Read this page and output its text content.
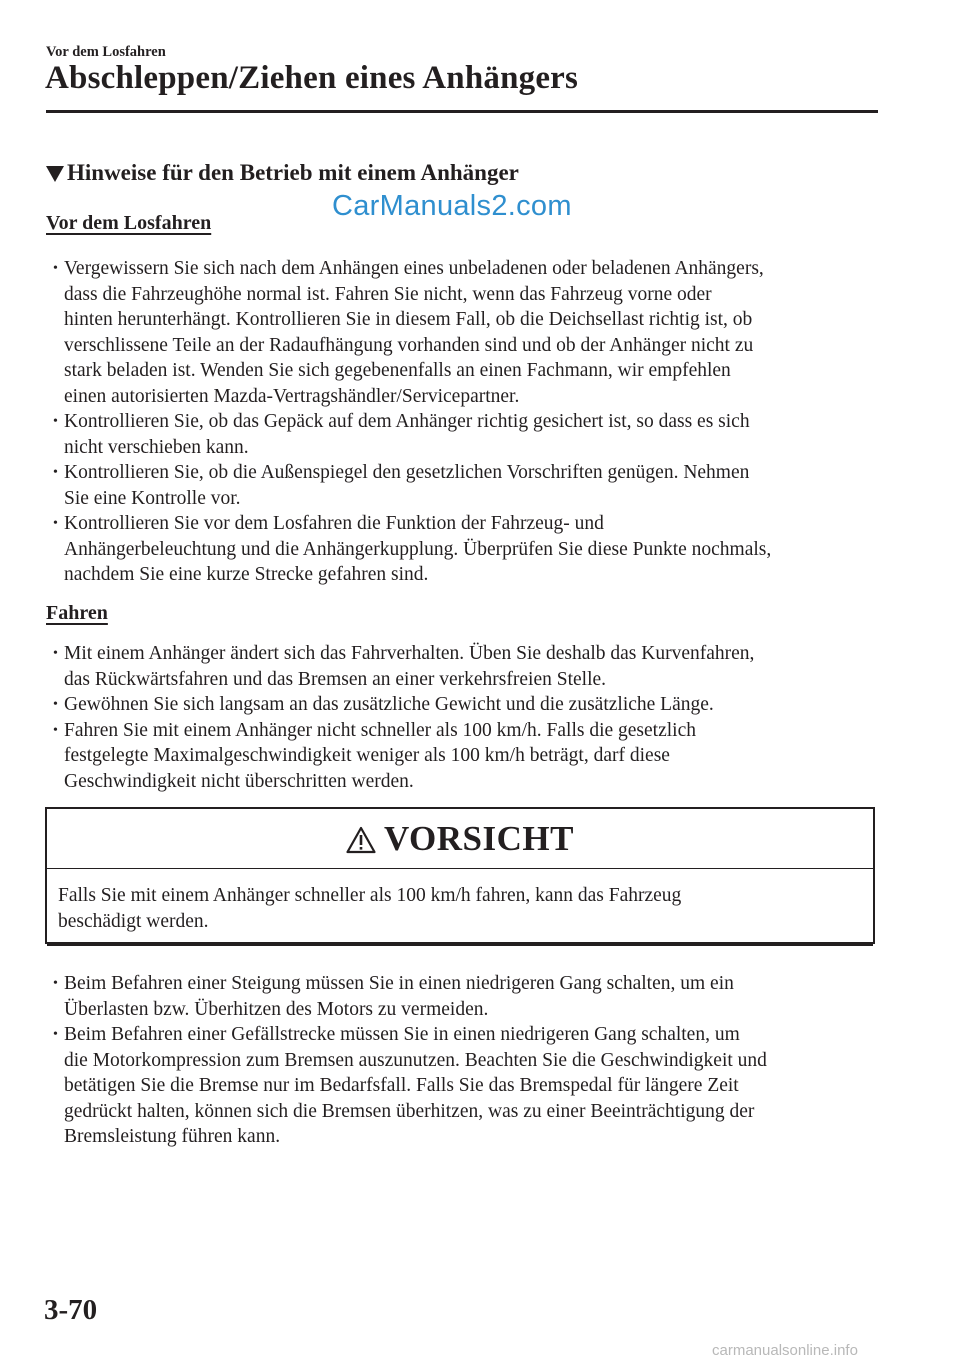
Vor dem Losfahren
Abschleppen/Ziehen eines Anhängers
Hinweise für den Betrieb mit einem Anhänger
CarManuals2.com
Vor dem Losfahren
• Vergewissern Sie sich nach dem Anhängen eines unbeladenen oder beladenen Anhängers,
dass die Fahrzeughöhe normal ist. Fahren Sie nicht, wenn das Fahrzeug vorne oder
hinten herunterhängt. Kontrollieren Sie in diesem Fall, ob die Deichsellast richtig ist, ob
verschlissene Teile an der Radaufhängung vorhanden sind und ob der Anhänger nicht zu
stark beladen ist. Wenden Sie sich gegebenenfalls an einen Fachmann, wir empfehlen
einen autorisierten Mazda-Vertragshändler/Servicepartner.
• Kontrollieren Sie, ob das Gepäck auf dem Anhänger richtig gesichert ist, so dass es sich
nicht verschieben kann.
• Kontrollieren Sie, ob die Außenspiegel den gesetzlichen Vorschriften genügen. Nehmen
Sie eine Kontrolle vor.
• Kontrollieren Sie vor dem Losfahren die Funktion der Fahrzeug- und
Anhängerbeleuchtung und die Anhängerkupplung. Überprüfen Sie diese Punkte nochmals,
nachdem Sie eine kurze Strecke gefahren sind.
Fahren
• Mit einem Anhänger ändert sich das Fahrverhalten. Üben Sie deshalb das Kurvenfahren,
das Rückwärtsfahren und das Bremsen an einer verkehrsfreien Stelle.
• Gewöhnen Sie sich langsam an das zusätzliche Gewicht und die zusätzliche Länge.
• Fahren Sie mit einem Anhänger nicht schneller als 100 km/h. Falls die gesetzlich
festgelegte Maximalgeschwindigkeit weniger als 100 km/h beträgt, darf diese
Geschwindigkeit nicht überschritten werden.
VORSICHT
Falls Sie mit einem Anhänger schneller als 100 km/h fahren, kann das Fahrzeug
beschädigt werden.
• Beim Befahren einer Steigung müssen Sie in einen niedrigeren Gang schalten, um ein
Überlasten bzw. Überhitzen des Motors zu vermeiden.
• Beim Befahren einer Gefällstrecke müssen Sie in einen niedrigeren Gang schalten, um
die Motorkompression zum Bremsen auszunutzen. Beachten Sie die Geschwindigkeit und
betätigen Sie die Bremse nur im Bedarfsfall. Falls Sie das Bremspedal für längere Zeit
gedrückt halten, können sich die Bremsen überhitzen, was zu einer Beeinträchtigung der
Bremsleistung führen kann.
3-70
carmanualsonline.info
